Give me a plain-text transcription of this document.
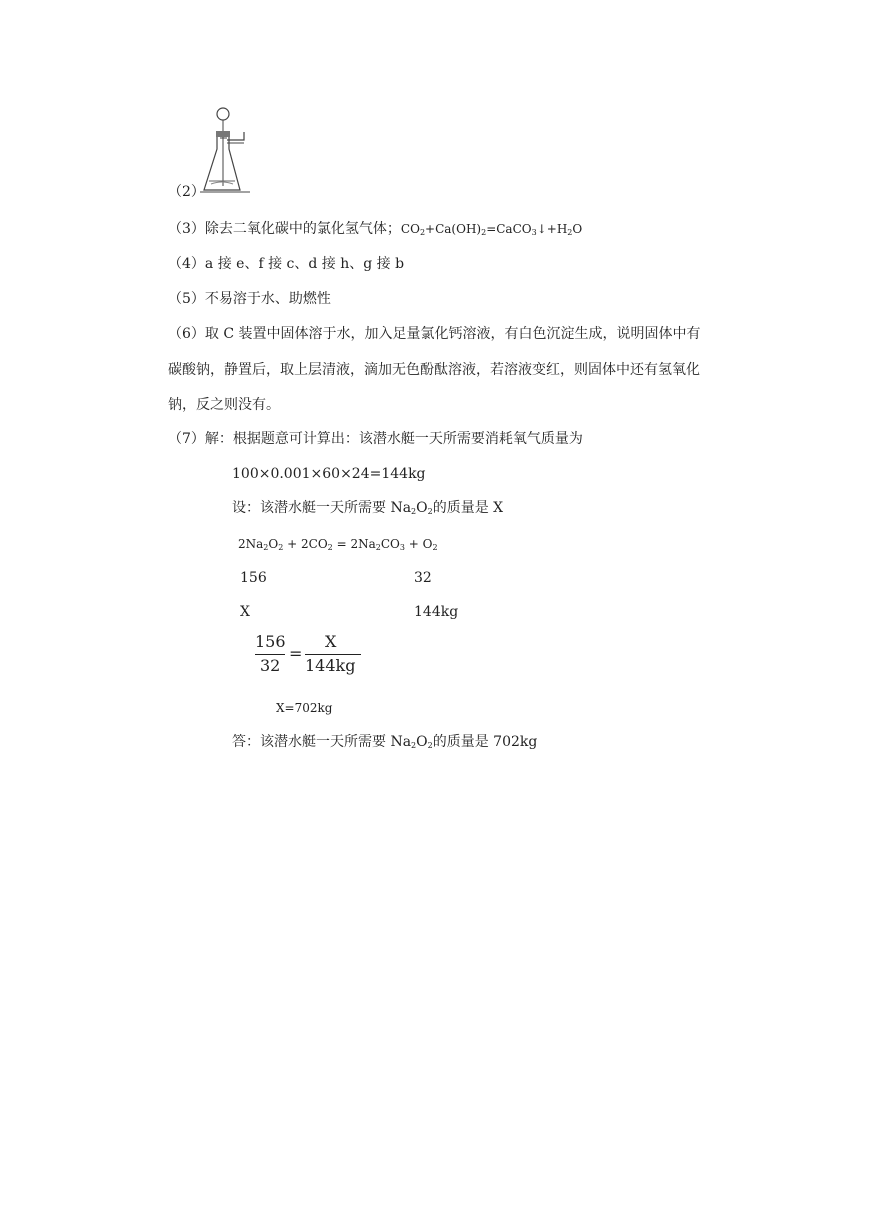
（2）
（3）除去二氧化碳中的氯化氢气体；$CO_2+Ca(OH)_2=CaCO_3↓+H_2O$
（4）a 接 e、f 接 c、d 接 h、g 接 b
（5）不易溶于水、助燃性
（6）取 C 装置中固体溶于水，加入足量氯化钙溶液，有白色沉淀生成，说明固体中有
碳酸钠，静置后，取上层清液，滴加无色酚酞溶液，若溶液变红，则固体中还有氢氧化
钠，反之则没有。
（7）解：根据题意可计算出：该潜水艇一天所需要消耗氧气质量为
100×0.001×60×24=144kg
设：该潜水艇一天所需要 $Na_2O_2$的质量是 X
$2Na_2O_2 + 2CO_2 = 2Na_2CO_3 + O_2$
156	32
X	144kg
156
32
=
X
144kg
X=702kg
答：该潜水艇一天所需要 $Na_2O_2$的质量是 702kg
